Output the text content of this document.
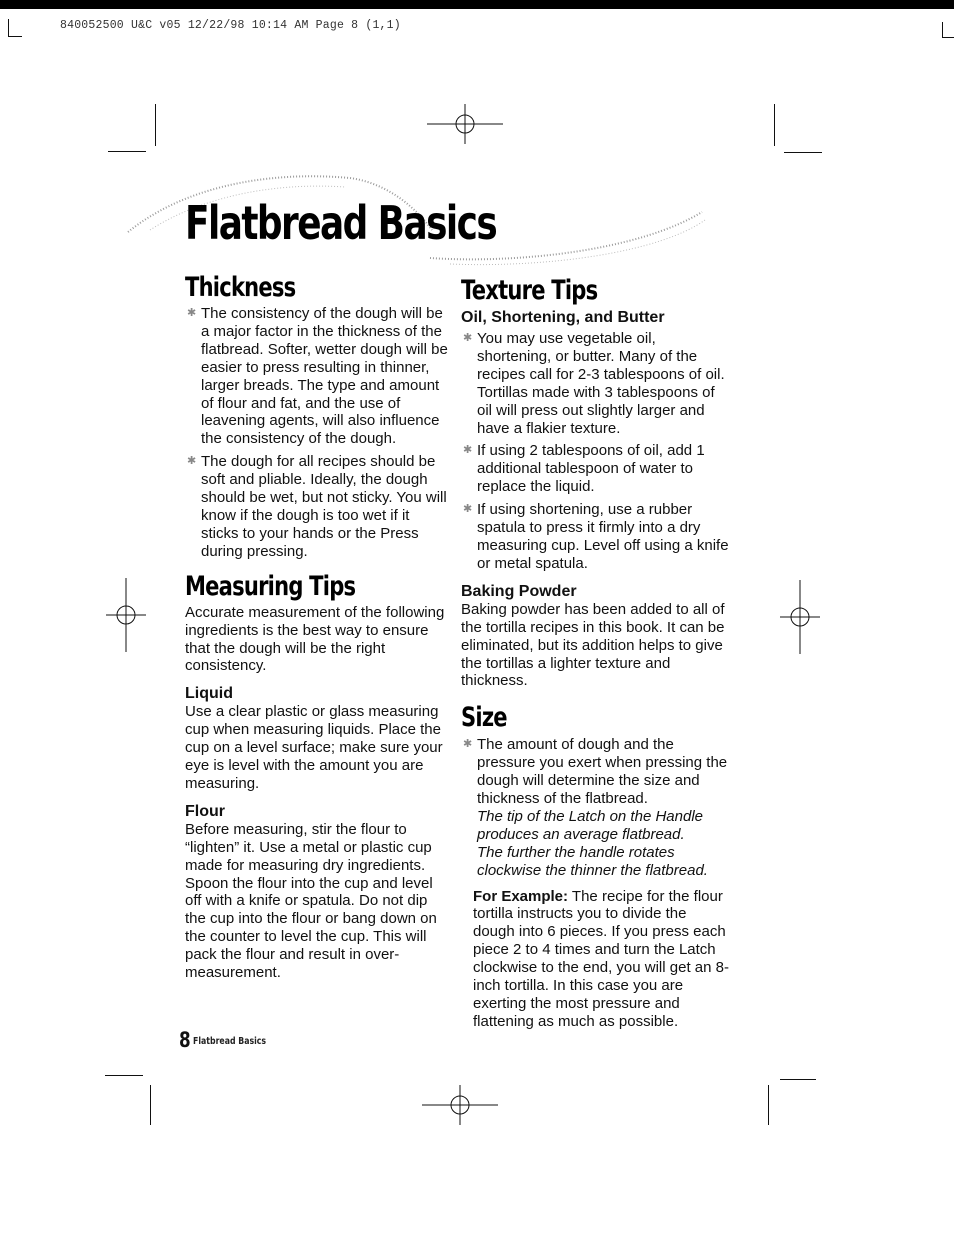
840052500 U&C v05 12/22/98 10:14 AM Page 8 (1,1)
Flatbread Basics
Thickness
✱ The consistency of the dough will be a major factor in the thickness of the flatbread. Softer, wetter dough will be easier to press resulting in thinner, larger breads. The type and amount of flour and fat, and the use of leavening agents, will also influence the consistency of the dough.
✱ The dough for all recipes should be soft and pliable. Ideally, the dough should be wet, but not sticky. You will know if the dough is too wet if it sticks to your hands or the Press during pressing.
Measuring Tips

Accurate measurement of the following ingredients is the best way to ensure that the dough will be the right consistency.

Liquid

Use a clear plastic or glass measuring cup when measuring liquids. Place the cup on a level surface; make sure your eye is level with the amount you are measuring.

Flour

Before measuring, stir the flour to “lighten” it. Use a metal or plastic cup made for measuring dry ingredients. Spoon the flour into the cup and level off with a knife or spatula. Do not dip the cup into the flour or bang down on the counter to level the cup. This will pack the flour and result in over-measurement.

Texture Tips
Oil, Shortening, and Butter
✱ You may use vegetable oil, shortening, or butter. Many of the recipes call for 2-3 tablespoons of oil. Tortillas made with 3 tablespoons of oil will press out slightly larger and have a flakier texture.
✱ If using 2 tablespoons of oil, add 1 additional tablespoon of water to replace the liquid.
✱ If using shortening, use a rubber spatula to press it firmly into a dry measuring cup. Level off using a knife or metal spatula.
Baking Powder

Baking powder has been added to all of the tortilla recipes in this book. It can be eliminated, but its addition helps to give the tortillas a lighter texture and thickness.

Size
✱ The amount of dough and the pressure you exert when pressing the dough will determine the size and thickness of the flatbread.
The tip of the Latch on the Handle produces an average flatbread.
The further the handle rotates clockwise the thinner the flatbread.

For Example: The recipe for the flour tortilla instructs you to divide the dough into 6 pieces. If you press each piece 2 to 4 times and turn the Latch clockwise to the end, you will get an 8-inch tortilla. In this case you are exerting the most pressure and flattening as much as possible.

8 Flatbread Basics
